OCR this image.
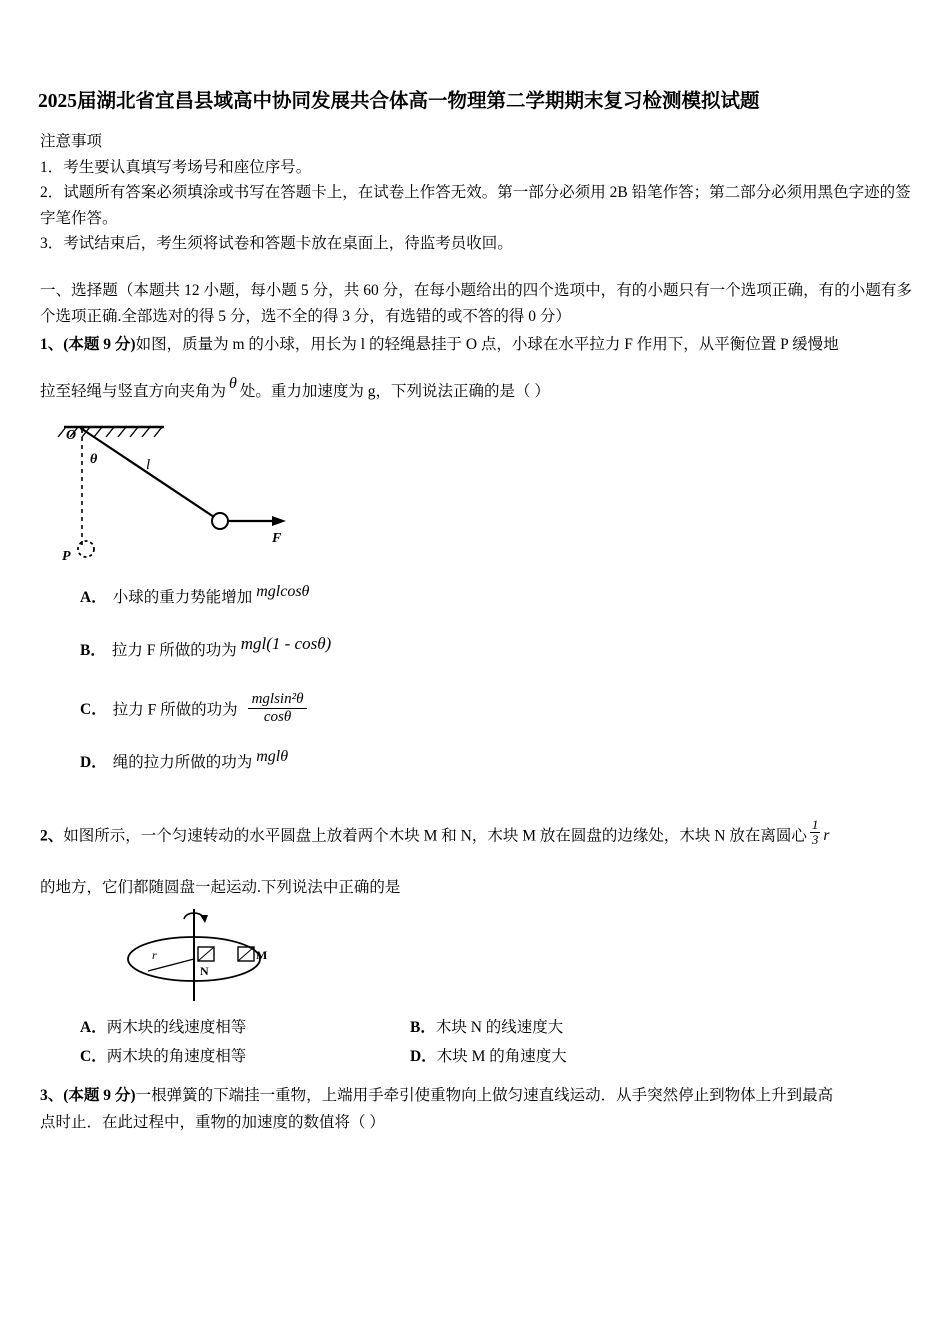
2025届湖北省宜昌县域高中协同发展共合体高一物理第二学期期末复习检测模拟试题
注意事项
1．考生要认真填写考场号和座位序号。
2．试题所有答案必须填涂或书写在答题卡上，在试卷上作答无效。第一部分必须用 2B 铅笔作答；第二部分必须用黑色字迹的签字笔作答。
3．考试结束后，考生须将试卷和答题卡放在桌面上，待监考员收回。
一、选择题（本题共 12 小题，每小题 5 分，共 60 分，在每小题给出的四个选项中，有的小题只有一个选项正确，有的小题有多个选项正确.全部选对的得 5 分，选不全的得 3 分，有选错的或不答的得 0 分）
1、(本题 9 分)如图，质量为 m 的小球，用长为 l 的轻绳悬挂于 O 点，小球在水平拉力 F 作用下，从平衡位置 P 缓慢地
拉至轻绳与竖直方向夹角为θ处。重力加速度为 g，下列说法正确的是（ ）
O
θ	l
F
P
A． 小球的重力势能增加 mglcosθ
B． 拉力 F 所做的功为 mgl(1 - cosθ)
C． 拉力 F 所做的功为 $\frac{\text{mglsin²θ}}{\cos\theta}$
D． 绳的拉力所做的功为 mglθ
2、如图所示，一个匀速转动的水平圆盘上放着两个木块 M 和 N，木块 M 放在圆盘的边缘处，木块 N 放在离圆心 $\frac{1}{3}$ r
的地方，它们都随圆盘一起运动.下列说法中正确的是
r
N
M
A．两木块的线速度相等	B．木块 N 的线速度大
C．两木块的角速度相等	D．木块 M 的角速度大
3、(本题 9 分)一根弹簧的下端挂一重物，上端用手牵引使重物向上做匀速直线运动．从手突然停止到物体上升到最高
点时止．在此过程中，重物的加速度的数值将（ ）
